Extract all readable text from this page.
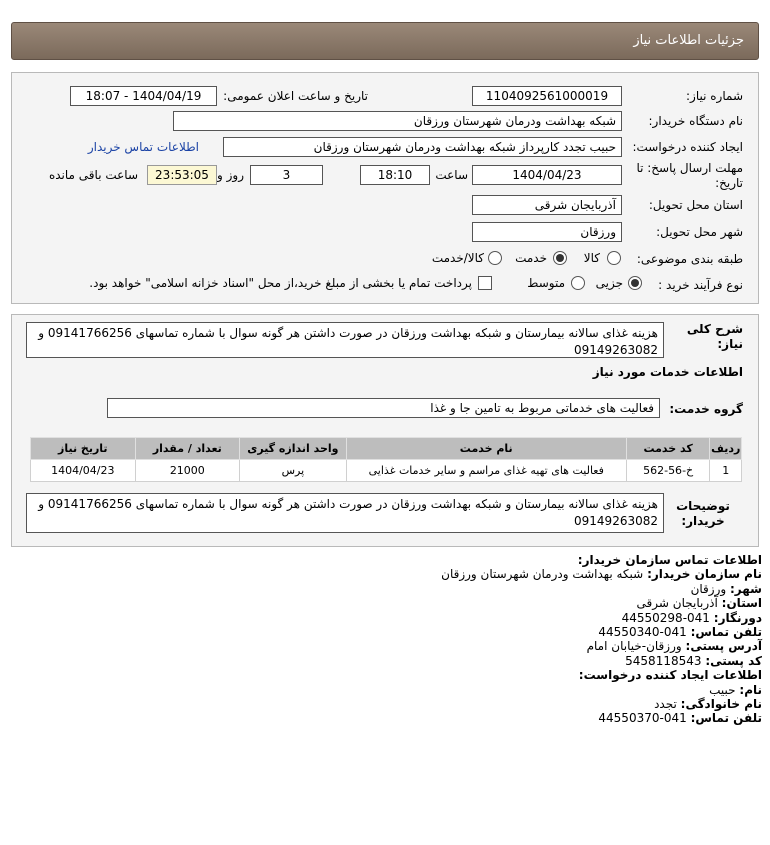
جزئیات اطلاعات نیاز
شماره نیاز:
1104092561000019
تاریخ و ساعت اعلان عمومی:
1404/04/19 - 18:07
نام دستگاه خریدار:
شبکه بهداشت ودرمان شهرستان ورزقان
ایجاد کننده درخواست:
حبیب تجدد کارپرداز شبکه بهداشت ودرمان شهرستان ورزقان
اطلاعات تماس خریدار
مهلت ارسال پاسخ: تا
تاریخ:
1404/04/23
ساعت
18:10
3
روز و
23:53:05
ساعت باقی مانده
استان محل تحویل:
آذربایجان شرقی
شهر محل تحویل:
ورزقان
طبقه بندی موضوعی:
کالا
خدمت
کالا/خدمت
نوع فرآیند خرید :
جزیی
متوسط
پرداخت تمام یا بخشی از مبلغ خرید،از محل "اسناد خزانه اسلامی" خواهد بود.
شرح کلی نیاز:
هزینه غذای سالانه بیمارستان و شبکه بهداشت ورزقان در صورت داشتن هر گونه سوال با شماره تماسهای 09141766256 و 09149263082
اطلاعات خدمات مورد نیاز
گروه خدمت:
فعالیت های خدماتی مربوط به تامین جا و غذا
ردیف	کد خدمت	نام خدمت	واحد اندازه گیری	تعداد / مقدار	تاریخ نیاز
1	خ-56-562	فعالیت های تهیه غذای مراسم و سایر خدمات غذایی	پرس	21000	1404/04/23
توضیحات خریدار:
هزینه غذای سالانه بیمارستان و شبکه بهداشت ورزقان در صورت داشتن هر گونه سوال با شماره تماسهای 09141766256 و 09149263082
اطلاعات تماس سازمان خریدار:
نام سازمان خریدار: شبکه بهداشت ودرمان شهرستان ورزقان
شهر: ورزقان
استان: آذربایجان شرقی
دورنگار: 041-44550298
تلفن تماس: 041-44550340
آدرس پستی: ورزقان-خیابان امام
کد پستی: 5458118543
اطلاعات ایجاد کننده درخواست:
نام: حبیب
نام خانوادگی: تجدد
تلفن تماس: 041-44550370
